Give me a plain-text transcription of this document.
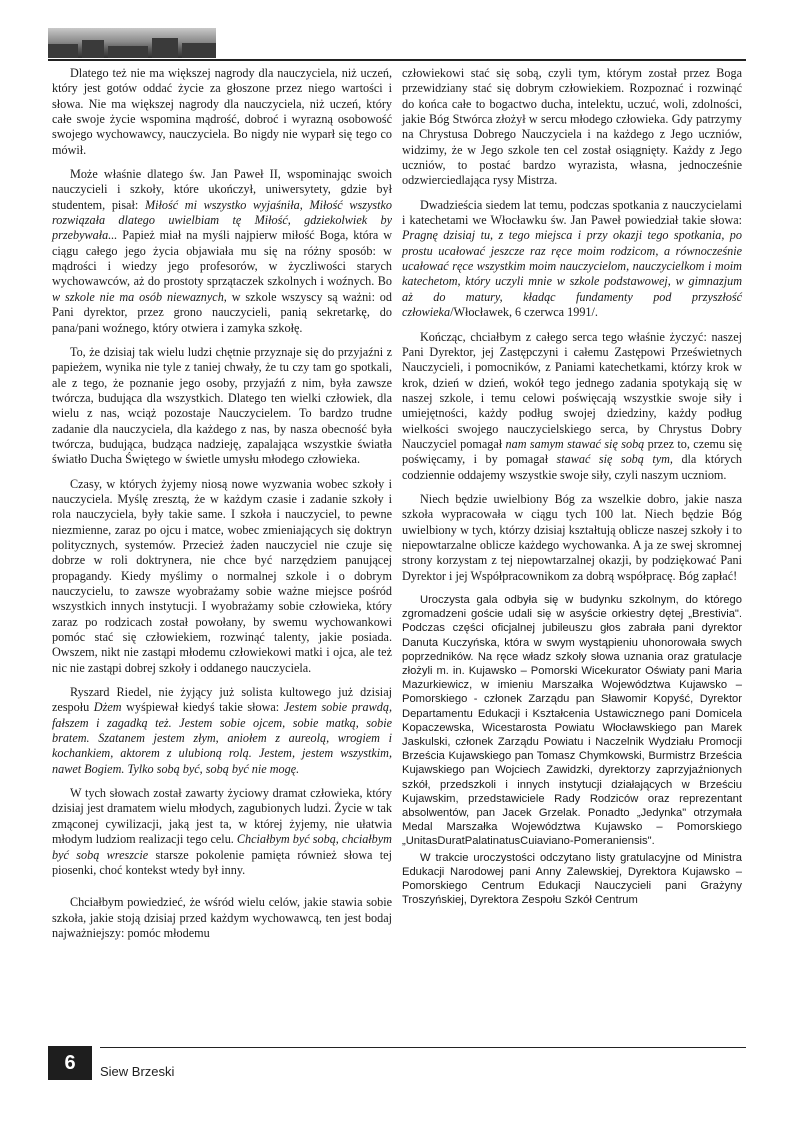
Dlatego też nie ma większej nagrody dla nauczyciela, niż uczeń, który jest gotów oddać życie za głoszone przez niego wartości i słowa. Nie ma większej nagrody dla nauczyciela, niż uczeń, który całe swoje życie wspomina mądrość, dobroć i wyrazną osobowość swojego wychowawcy, nauczyciela. Bo nigdy nie wyparł się tego co mówił.

Może właśnie dlatego św. Jan Paweł II, wspominając swoich nauczycieli i szkoły, które ukończył, uniwersytety, gdzie był studentem, pisał: Miłość mi wszystko wyjaśniła, Miłość wszystko rozwiązała dlatego uwielbiam tę Miłość, gdziekolwiek by przebywała... Papież miał na myśli najpierw miłość Boga, która w ciągu całego jego życia objawiała mu się na różny sposób: w mądrości i wiedzy jego profesorów, w życzliwości starych wychowawców, aż do prostoty sprzątaczek szkolnych i woźnych. Bo w szkole nie ma osób niewaznych, w szkole wszyscy są ważni: od Pani dyrektor, przez grono nauczycieli, panią sekretarkę, do pana/pani woźnego, który otwiera i zamyka szkołę.

To, że dzisiaj tak wielu ludzi chętnie przyznaje się do przyjaźni z papieżem, wynika nie tyle z taniej chwały, że tu czy tam go spotkali, ale z tego, że poznanie jego osoby, przyjaźń z nim, była zawsze twórcza, budująca dla wszystkich. Dlatego ten wielki człowiek, dla wielu z nas, wciąż pozostaje Nauczycielem. To bardzo trudne zadanie dla nauczyciela, dla każdego z nas, by nasza obecność była twórcza, budująca, budząca nadzieję, zapalająca wszystkie światła światło Ducha Świętego w świetle umysłu młodego człowieka.

Czasy, w których żyjemy niosą nowe wyzwania wobec szkoły i nauczyciela. Myślę zresztą, że w każdym czasie i zadanie szkoły i rola nauczyciela, były takie same. I szkoła i nauczyciel, to pewne niezmienne, zaraz po ojcu i matce, wobec zmieniających się doktryn politycznych, systemów. Przecież żaden nauczyciel nie czuje się dobrze w roli doktrynera, nie chce być narzędziem panującej propagandy. Kiedy myślimy o normalnej szkole i o dobrym nauczycielu, to zawsze wyobrażamy sobie ważne miejsce pośród wszystkich innych instytucji. I wyobrażamy sobie człowieka, który zaraz po rodzicach został powołany, by swemu wychowankowi pomóc stać się człowiekiem, rozwinąć talenty, jakie posiada. Owszem, nikt nie zastąpi młodemu człowiekowi matki i ojca, ale też nic nie zastąpi dobrej szkoły i oddanego nauczyciela.

Ryszard Riedel, nie żyjący już solista kultowego już dzisiaj zespołu Dżem wyśpiewał kiedyś takie słowa: Jestem sobie prawdą, fałszem i zagadką też. Jestem sobie ojcem, sobie matką, sobie bratem. Szatanem jestem złym, aniołem z aureolą, wrogiem i kochankiem, aktorem z ulubioną rolą. Jestem, jestem wszystkim, nawet Bogiem. Tylko sobą być, sobą być nie mogę.

W tych słowach został zawarty życiowy dramat człowieka, który dzisiaj jest dramatem wielu młodych, zagubionych ludzi. Życie w tak zmąconej cywilizacji, jaką jest ta, w której żyjemy, nie ułatwia młodym ludziom realizacji tego celu. Chciałbym być sobą, chciałbym być sobą wreszcie starsze pokolenie pamięta również słowa tej piosenki, choć kontekst wtedy był inny.

Chciałbym powiedzieć, że wśród wielu celów, jakie stawia sobie szkoła, jakie stoją dzisiaj przed każdym wychowawcą, ten jest bodaj najważniejszy: pomóc młodemu

człowiekowi stać się sobą, czyli tym, którym został przez Boga przewidziany stać się dobrym człowiekiem. Rozpoznać i rozwinąć do końca całe to bogactwo ducha, intelektu, uczuć, woli, zdolności, jakie Bóg Stwórca złożył w sercu młodego człowieka. Gdy patrzymy na Chrystusa Dobrego Nauczyciela i na każdego z Jego uczniów, widzimy, że w Jego szkole ten cel został osiągnięty. Każdy z Jego uczniów, to postać bardzo wyrazista, własna, jednocześnie odzwierciedlająca rysy Mistrza.

Dwadzieścia siedem lat temu, podczas spotkania z nauczycielami i katechetami we Włocławku św. Jan Paweł powiedział takie słowa: Pragnę dzisiaj tu, z tego miejsca i przy okazji tego spotkania, po prostu ucałować jeszcze raz ręce moim rodzicom, a równocześnie ucałować ręce wszystkim moim nauczycielom, nauczycielkom i moim katechetom, który uczyli mnie w szkole podstawowej, w gimnazjum aż do matury, kładąc fundamenty pod przyszłość człowieka/Włocławek, 6 czerwca 1991/.

Kończąc, chciałbym z całego serca tego właśnie życzyć: naszej Pani Dyrektor, jej Zastępczyni i całemu Zastępowi Prześwietnych Nauczycieli, i pomocników, z Paniami katechetkami, którzy krok w krok, dzień w dzień, wokół tego jednego zadania spotykają się w naszej szkole, i temu celowi poświęcają wszystkie swoje siły i umiejętności, każdy podług swojej dziedziny, każdy podług wielkości swojego nauczycielskiego serca, by Chrystus Dobry Nauczyciel pomagał nam samym stawać się sobą przez to, czemu się poświęcamy, i by pomagał stawać się sobą tym, dla których codziennie oddajemy wszystkie swoje siły, czyli naszym uczniom.

Niech będzie uwielbiony Bóg za wszelkie dobro, jakie nasza szkoła wypracowała w ciągu tych 100 lat. Niech będzie Bóg uwielbiony w tych, którzy dzisiaj kształtują oblicze naszej szkoły i to niepowtarzalne oblicze każdego wychowanka. A ja ze swej skromnej strony korzystam z tej niepowtarzalnej okazji, by podziękować Pani Dyrektor i jej Współpracownikom za dobrą współpracę. Bóg zapłać!

Uroczysta gala odbyła się w budynku szkolnym, do którego zgromadzeni goście udali się w asyście orkiestry dętej „Brestivia". Podczas części oficjalnej jubileuszu głos zabrała pani dyrektor Danuta Kuczyńska, która w swym wystąpieniu uhonorowała swych poprzedników. Na ręce władz szkoły słowa uznania oraz gratulacje złożyli m. in. Kujawsko – Pomorski Wicekurator Oświaty pani Maria Mazurkiewicz, w imieniu Marszałka Województwa Kujawsko – Pomorskiego - członek Zarządu pan Sławomir Kopyść, Dyrektor Departamentu Edukacji i Kształcenia Ustawicznego pani Domicela Kopaczewska, Wicestarosta Powiatu Włocławskiego pan Marek Jaskulski, członek Zarządu Powiatu i Naczelnik Wydziału Promocji Brześcia Kujawskiego pan Tomasz Chymkowski, Burmistrz Brześcia Kujawskiego pan Wojciech Zawidzki, dyrektorzy zaprzyjaźnionych szkół, przedszkoli i innych instytucji działających w Brześciu Kujawskim, przedstawiciele Rady Rodziców oraz reprezentant absolwentów, pan Jacek Grzelak. Ponadto „Jedynka" otrzymała Medal Marszałka Województwa Kujawsko – Pomorskiego „UnitasDuratPalatinatusCuiaviano-Pomeraniensis".

W trakcie uroczystości odczytano listy gratulacyjne od Ministra Edukacji Narodowej pani Anny Zalewskiej, Dyrektora Kujawsko – Pomorskiego Centrum Edukacji Nauczycieli pani Grażyny Troszyńskiej, Dyrektora Zespołu Szkół Centrum

6	Siew Brzeski
